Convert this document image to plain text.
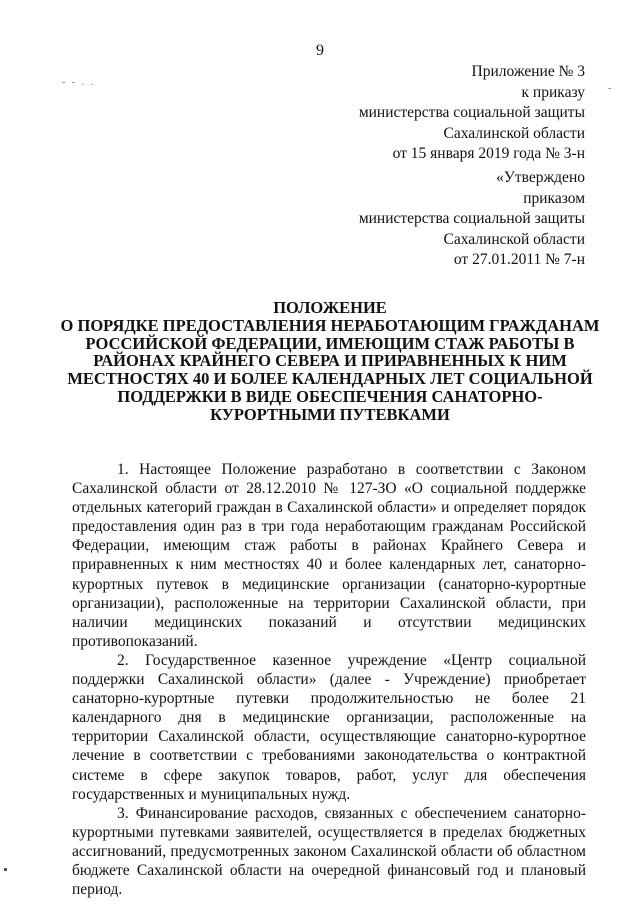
9
- - . .
-
Приложение № 3
к приказу
министерства социальной защиты
Сахалинской области
от 15 января 2019 года № 3-н
«Утверждено
приказом
министерства социальной защиты
Сахалинской области
от 27.01.2011 № 7-н
ПОЛОЖЕНИЕ
О ПОРЯДКЕ ПРЕДОСТАВЛЕНИЯ НЕРАБОТАЮЩИМ ГРАЖДАНАМ
РОССИЙСКОЙ ФЕДЕРАЦИИ, ИМЕЮЩИМ СТАЖ РАБОТЫ В
РАЙОНАХ КРАЙНЕГО СЕВЕРА И ПРИРАВНЕННЫХ К НИМ
МЕСТНОСТЯХ 40 И БОЛЕЕ КАЛЕНДАРНЫХ ЛЕТ СОЦИАЛЬНОЙ
ПОДДЕРЖКИ В ВИДЕ ОБЕСПЕЧЕНИЯ САНАТОРНО-
КУРОРТНЫМИ ПУТЕВКАМИ

1. Настоящее Положение разработано в соответствии с Законом Сахалинской области от 28.12.2010 № 127-ЗО «О социальной поддержке отдельных категорий граждан в Сахалинской области» и определяет порядок предоставления один раз в три года неработающим гражданам Российской Федерации, имеющим стаж работы в районах Крайнего Севера и приравненных к ним местностях 40 и более календарных лет, санаторно-курортных путевок в медицинские организации (санаторно-курортные организации), расположенные на территории Сахалинской области, при наличии медицинских показаний и отсутствии медицинских противопоказаний.

2. Государственное казенное учреждение «Центр социальной поддержки Сахалинской области» (далее - Учреждение) приобретает санаторно-курортные путевки продолжительностью не более 21 календарного дня в медицинские организации, расположенные на территории Сахалинской области, осуществляющие санаторно-курортное лечение в соответствии с требованиями законодательства о контрактной системе в сфере закупок товаров, работ, услуг для обеспечения государственных и муниципальных нужд.

3. Финансирование расходов, связанных с обеспечением санаторно-курортными путевками заявителей, осуществляется в пределах бюджетных ассигнований, предусмотренных законом Сахалинской области об областном бюджете Сахалинской области на очередной финансовый год и плановый период.
